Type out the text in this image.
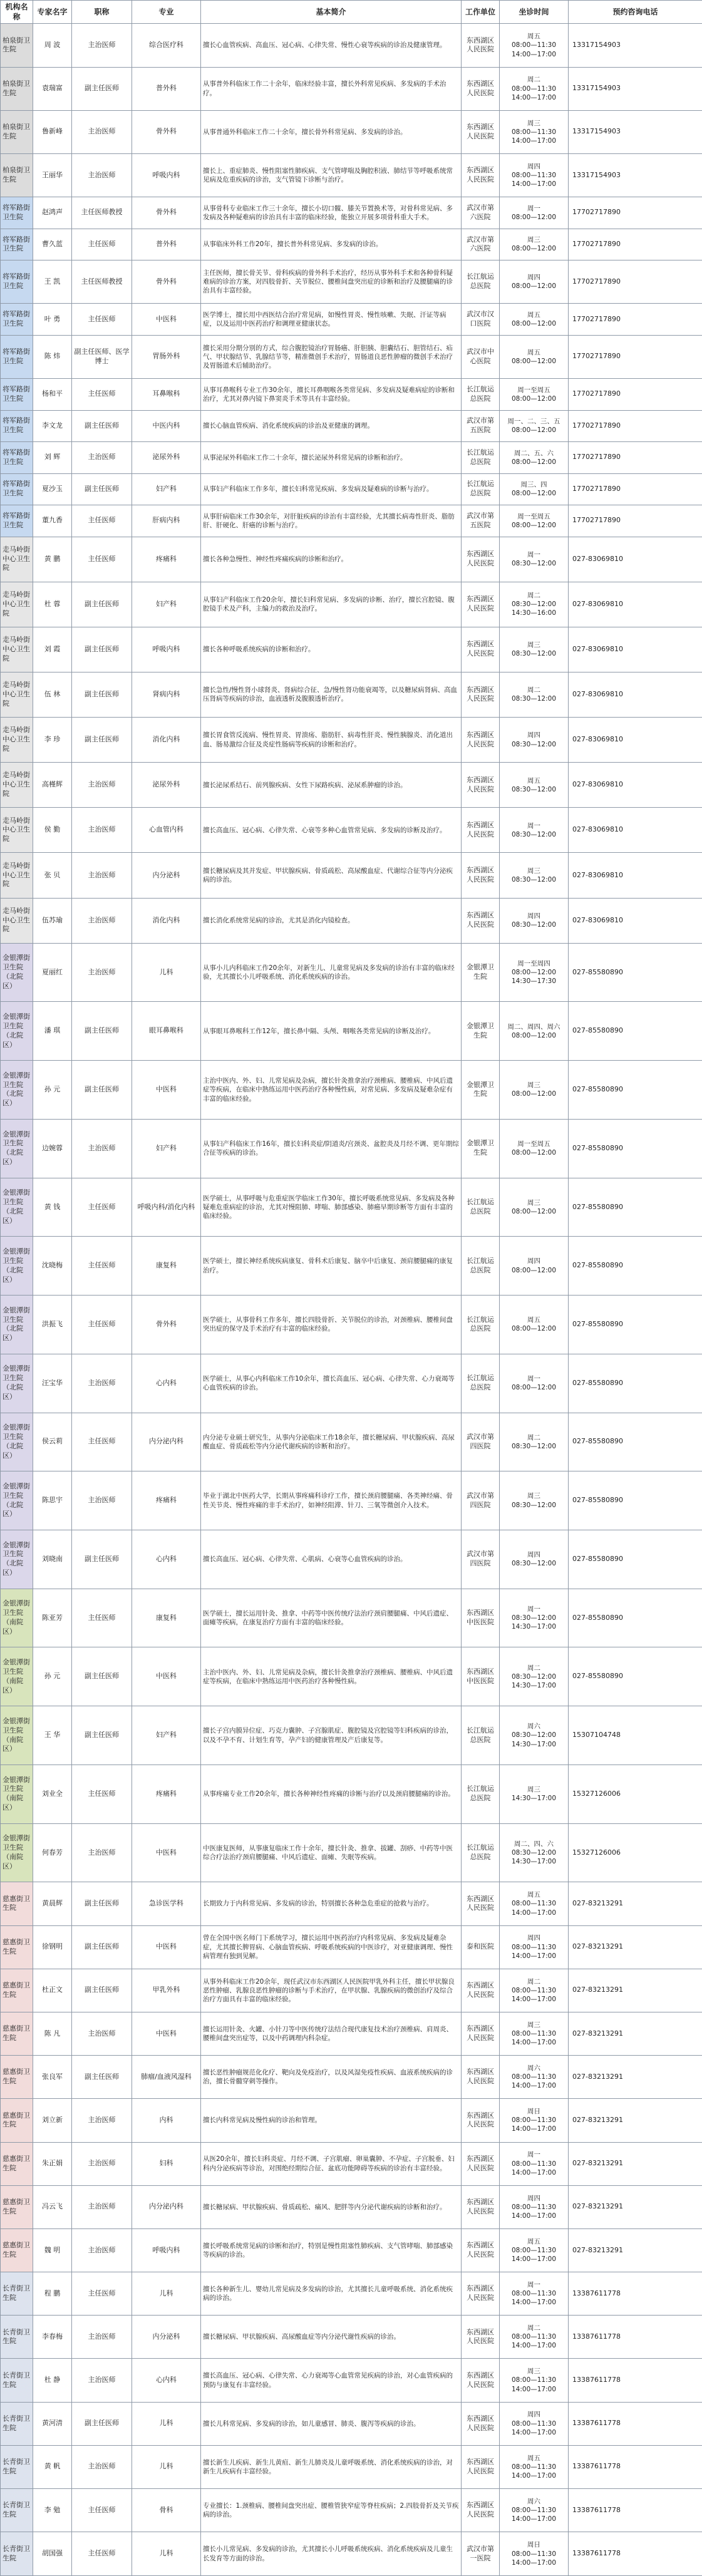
机构名称	专家名字	职称	专业	基本简介	工作单位	坐诊时间	预约咨询电话
柏泉街卫生院	周 波	主治医师	综合医疗科	擅长心血管疾病、高血压、冠心病、心律失常、慢性心衰等疾病的诊治及健康管理。	东西湖区人民医院	周五
08:00—11:30
14:00—17:00	13317154903
柏泉街卫生院	袁瑞富	副主任医师	普外科	从事普外科临床工作二十余年，临床经验丰富，擅长外科常见疾病、多发病的手术治疗。	东西湖区人民医院	周二
08:00—11:30
14:00—17:00	13317154903
柏泉街卫生院	鲁新峰	主治医师	骨外科	从事普通外科临床工作二十余年，擅长骨外科常见病、多发病的诊治。	东西湖区人民医院	周三
08:00—11:30
14:00—17:00	13317154903
柏泉街卫生院	王丽华	主治医师	呼吸内科	擅长上、重症肺炎、慢性阻塞性肺疾病、支气管哮喘及胸腔积液、肺结节等呼吸系统常见病及危重疾病的诊治，支气管镜下诊断与治疗。	东西湖区人民医院	周四
08:00—11:30
14:00—17:00	13317154903
将军路街卫生院	赵鸿声	主任医师教授	骨外科	从事骨科专业临床工作三十余年，擅长小切口髋、膝关节置换术等，对骨科常见病、多发病及各种疑难病的诊治具有丰富的临床经验，能独立开展多项骨科重大手术。	武汉市第六医院	周一
08:00—12:00	17702717890
将军路街卫生院	曹久蓝	主任医师	普外科	从事临床外科工作20年，擅长普外科常见病、多发病的诊治。	武汉市第六医院	周三
08:00—12:00	17702717890
将军路街卫生院	王 凯	主任医师教授	骨外科	主任医师，擅长骨关节、骨科疾病的骨外科手术治疗，经历从事外科手术和各种骨科疑难病的诊治方案，对四肢骨折、关节脱位、腰椎间盘突出症的诊断和治疗及腰腿痛的诊治具有丰富经验。	长江航运总医院	周四
08:00—12:00	17702717890
将军路街卫生院	叶 勇	主任医师	中医科	医学博士，擅长用中西医结合治疗常见病，如慢性胃炎、慢性咳嗽、失眠、汗证等病症，以及运用中医药治疗和调理亚健康状态。	武汉市汉口医院	周五
08:00—12:00	17702717890
将军路街卫生院	陈 炜	副主任医师、医学博士	胃肠外科	擅长采用分期分别的方式，综合腹腔镜治疗胃肠癌、肝胆胰、胆囊结石、胆管结石、疝气、甲状腺结节、乳腺结节等，精准微创手术治疗，胃肠道良恶性肿瘤的微创手术治疗及胃肠道术后辅助治疗。	武汉市中心医院	周五
08:00—12:00	17702717890
将军路街卫生院	杨和平	主任医师	耳鼻喉科	从事耳鼻喉科专业工作30余年，擅长耳鼻咽喉各类常见病、多发病及疑难病症的诊断和治疗，尤其对鼻内镜下鼻窦炎手术等具有丰富经验。	长江航运总医院	周一至周五
08:00—12:00	17702717890
将军路街卫生院	李文龙	副主任医师	中医内科	擅长心脑血管疾病、消化系统疾病的诊治及亚健康的调理。	武汉市第五医院	周一、二、三、五
08:00—12:00	17702717890
将军路街卫生院	刘 辉	主治医师	泌尿外科	从事泌尿外科临床工作二十余年，擅长泌尿外科常见病的诊断和治疗。	长江航运总医院	周二、五、六
08:00—12:00	17702717890
将军路街卫生院	夏沙玉	副主任医师	妇产科	从事妇产科临床工作多年，擅长妇科常见疾病、多发病及疑难病的诊断与治疗。	长江航运总医院	周三、四
08:00—12:00	17702717890
将军路街卫生院	董九香	主任医师	肝病内科	从事肝病临床工作30余年，对肝脏疾病的诊治有丰富经验，尤其擅长病毒性肝炎、脂肪肝、肝硬化、肝癌的诊断与治疗。	武汉市第五医院	周一至周五
08:00—12:00	17702717890
走马岭街中心卫生院	黄 鹏	主任医师	疼痛科	擅长各种急慢性、神经性疼痛疾病的诊断和治疗。	东西湖区人民医院	周一
08:30—12:00	027-83069810
走马岭街中心卫生院	杜 蓉	副主任医师	妇产科	从事妇产科临床工作20余年，擅长妇科常见病、多发病的诊断、治疗，擅长宫腔镜、腹腔镜手术及产科，主编力的救治及治疗。	东西湖区人民医院	周二
08:30—12:00
14:30—16:00	027-83069810
走马岭街中心卫生院	刘 霞	副主任医师	呼吸内科	擅长各种呼吸系统疾病的诊断和治疗。	东西湖区人民医院	周三
08:30—12:00	027-83069810
走马岭街中心卫生院	伍 林	副主任医师	肾病内科	擅长急性/慢性肾小球肾炎、肾病综合征、急/慢性肾功能衰竭等，以及糖尿病肾病、高血压肾病等疾病的诊治，血液透析及腹膜透析治疗。	东西湖区人民医院	周二
08:30—12:00	027-83069810
走马岭街中心卫生院	李 珍	副主任医师	消化内科	擅长胃食管反流病、慢性胃炎、胃溃疡、脂肪肝、病毒性肝炎、慢性胰腺炎、消化道出血、肠易激综合征及炎症性肠病等疾病的诊断和治疗。	东西湖区人民医院	周四
08:30—12:00	027-83069810
走马岭街中心卫生院	高槿辉	主治医师	泌尿外科	擅长泌尿系结石、前列腺疾病、女性下尿路疾病、泌尿系肿瘤的诊治。	东西湖区人民医院	周五
08:30—12:00	027-83069810
走马岭街中心卫生院	侯 勤	主治医师	心血管内科	擅长高血压、冠心病、心律失常、心衰等多种心血管常见病、多发病的诊断及治疗。	东西湖区人民医院	周一
08:30—12:00	027-83069810
走马岭街中心卫生院	张 贝	主治医师	内分泌科	擅长糖尿病及其并发症、甲状腺疾病、骨质疏松、高尿酸血症、代谢综合征等内分泌疾病的诊治。	东西湖区人民医院	周三
08:30—12:00	027-83069810
走马岭街中心卫生院	伍苏瑜	主治医师	消化内科	擅长消化系统常见病的诊治，尤其是消化内镜检查。	东西湖区人民医院	周四
08:30—12:00	027-83069810
金银潭街卫生院（北院区）	夏丽红	主治医师	儿科	从事小儿内科临床工作20余年，对新生儿、儿童常见病及多发病的诊治有丰富的临床经验，尤其擅长小儿呼吸系统、消化系统疾病的诊治。	金银潭卫生院	周一至周四
08:00—12:00
14:30—17:30	027-85580890
金银潭街卫生院（北院区）	潘 琪	副主任医师	眼耳鼻喉科	从事眼耳鼻喉科工作12年，擅长鼻中隔、头颅、咽喉各类常见病的诊断及治疗。	金银潭卫生院	周二、周四、周六
08:00—12:00	027-85580890
金银潭街卫生院（北院区）	孙 元	副主任医师	中医科	主治中医内、外、妇、儿常见病及杂病，擅长针灸推拿治疗颈椎病、腰椎病、中风后遗症等疾病，在临床中熟练运用中医药治疗各种慢性病，对常见病、多发病及疑难杂症有丰富的临床经验。	金银潭卫生院	周三
08:00—12:00	027-85580890
金银潭街卫生院（北院区）	边婉蓉	主治医师	妇产科	从事妇产科临床工作16年，擅长妇科炎症/阴道炎/宫颈炎、盆腔炎及月经不调、更年期综合征等疾病的诊治。	金银潭卫生院	周一至周五
08:00—12:00	027-85580890
金银潭街卫生院（北院区）	黄 钱	主任医师	呼吸内科/消化内科	医学硕士，从事呼吸与危重症医学临床工作30年，擅长呼吸系统常见病、多发病及各种疑难危重病症的诊治，尤其对慢阻肺、哮喘、肺部感染、肺癌早期诊断等方面有丰富的临床经验。	长江航运总医院	周三
08:00—12:00	027-85580890
金银潭街卫生院（北院区）	沈晓梅	主任医师	康复科	医学硕士，擅长神经系统疾病康复、骨科术后康复、脑卒中后康复、颈肩腰腿痛的康复治疗。	长江航运总医院	周四
08:00—12:00	027-85580890
金银潭街卫生院（北院区）	洪振飞	主任医师	骨外科	医学硕士，从事骨科工作多年，擅长四肢骨折、关节脱位的诊治，对颈椎病、腰椎间盘突出症的保守及手术治疗有丰富的临床经验。	长江航运总医院	周五
08:00—12:00	027-85580890
金银潭街卫生院（北院区）	汪宝华	主治医师	心内科	医学硕士，从事心内科临床工作10余年，擅长高血压、冠心病、心律失常、心力衰竭等心血管疾病的诊治。	长江航运总医院	周一
08:00—12:00	027-85580890
金银潭街卫生院（北院区）	侯云莉	主任医师	内分泌内科	内分泌专业硕士研究生，从事内分泌临床工作18余年，擅长糖尿病、甲状腺疾病、高尿酸血症、骨质疏松等内分泌代谢疾病的诊断和治疗。	武汉市第四医院	周二
08:30—12:00	027-85580890
金银潭街卫生院（北院区）	陈思宇	主治医师	疼痛科	毕业于湖北中医药大学，长期从事疼痛科诊疗工作，擅长颈肩腰腿痛、各类神经痛、骨性关节炎、慢性疼痛的非手术治疗，如神经阻滞、针刀、三氧等微创介入技术。	武汉市第四医院	周三
08:30—12:00	027-85580890
金银潭街卫生院（北院区）	刘晓南	副主任医师	心内科	擅长高血压、冠心病、心律失常、心肌病、心衰等心血管疾病的诊治。	武汉市第四医院	周四
08:30—12:00	027-85580890
金银潭街卫生院（南院区）	陈亚芳	主任医师	康复科	医学硕士，擅长运用针灸、推拿、中药等中医传统疗法治疗颈肩腰腿痛、中风后遗症、面瘫等疾病，在康复治疗方面有丰富的临床经验。	东西湖区中医医院	周一
08:30—12:00
14:30—17:00	027-85580890
金银潭街卫生院（南院区）	孙 元	副主任医师	中医科	主治中医内、外、妇、儿常见病及杂病，擅长针灸推拿治疗颈椎病、腰椎病、中风后遗症等疾病，在临床中熟练运用中医药治疗各种慢性病。	东西湖区中医医院	周二
08:30—12:00
14:30—17:00	027-85580890
金银潭街卫生院（南院区）	王 华	副主任医师	妇产科	擅长子宫内膜异位症、巧克力囊肿、子宫腺肌症、腹腔镜及宫腔镜等妇科疾病的诊治，以及不孕不育、计划生育等，孕产妇的健康管理及产后康复等。	长江航运总医院	周六
08:30—12:00
14:30—17:00	15307104748
金银潭街卫生院（南院区）	刘业全	主任医师	疼痛科	从事疼痛专业工作20余年，擅长各种神经性疼痛的诊断与治疗以及颈肩腰腿痛的诊治。	长江航运总医院	周三
14:30—17:00	15327126006
金银潭街卫生院（南院区）	何春芳	主治医师	中医科	中医康复医师，从事康复临床工作十余年，擅长针灸、推拿、拔罐、刮痧、中药等中医综合疗法治疗颈肩腰腿痛、中风后遗症、面瘫、失眠等疾病。	长江航运总医院	周二、四、六
08:30—12:00
14:30—17:00	15327126006
慈惠街卫生院	黄晨辉	副主任医师	急诊医学科	长期致力于内科常见病、多发病的诊治，特别擅长各种急危重症的抢救与治疗。	东西湖区人民医院	周五
08:00—11:30
14:00—17:00	027-83213291
慈惠街卫生院	徐钢明	副主任医师	中医科	曾在全国中医名师门下系统学习，擅长运用中医药治疗内科常见病、多发病及疑难杂症，尤其擅长脾胃病、心脑血管疾病、呼吸系统疾病的中医诊疗，对亚健康调理、慢性病管理有独到见解。	泰和医院	周四
08:00—11:30
14:00—17:00	027-83213291
慈惠街卫生院	杜正文	副主任医师	甲乳外科	从事外科临床工作20余年，现任武汉市东西湖区人民医院甲乳外科主任，擅长甲状腺良恶性肿瘤、乳腺良恶性肿瘤的诊断与手术治疗，在甲状腺、乳腺疾病的微创治疗及综合治疗方面具有丰富的临床经验。	东西湖区人民医院	周二
08:00—11:30
14:00—17:00	027-83213291
慈惠街卫生院	陈 凡	主治医师	中医科	擅长运用针灸、火罐、小针刀等中医传统疗法结合现代康复技术治疗颈椎病、肩周炎、腰椎间盘突出症等，以及中药调理内科杂症。	东西湖区人民医院	周三
08:00—11:30
14:00—17:00	027-83213291
慈惠街卫生院	张良军	副主任医师	肺瘤/血液风湿科	擅长恶性肿瘤规范化化疗、靶向及免疫治疗，以及风湿免疫性疾病、血液系统疾病的诊治，擅长骨髓穿刺等操作。	东西湖区人民医院	周六
08:00—11:30
14:00—17:00	027-83213291
慈惠街卫生院	刘立新	主治医师	内科	擅长内科常见病及慢性病的诊治和管理。	东西湖区人民医院	周日
08:00—11:30
14:00—17:00	027-83213291
慈惠街卫生院	朱正娟	主治医师	妇科	从医20余年，擅长妇科炎症、月经不调、子宫肌瘤、卵巢囊肿、不孕症、子宫脱垂、妇科内分泌疾病等诊治，对围绝经期综合征、盆底功能障碍等疾病的诊治有丰富经验。	东西湖区人民医院	周一
08:00—11:30
14:00—17:00	027-83213291
慈惠街卫生院	冯云飞	主治医师	内分泌内科	擅长糖尿病、甲状腺疾病、骨质疏松、痛风、肥胖等内分泌代谢疾病的诊断和治疗。	东西湖区人民医院	周四
08:00—11:30
14:00—17:00	027-83213291
慈惠街卫生院	魏 明	主治医师	呼吸内科	擅长呼吸系统常见病的诊断和治疗，特别是慢性阻塞性肺疾病、支气管哮喘、肺部感染等疾病的诊治。	东西湖区人民医院	周五
08:00—11:30
14:00—17:00	027-83213291
长青街卫生院	程 鹏	主任医师	儿科	擅长各种新生儿、婴幼儿常见病及多发病的诊治，尤其擅长儿童呼吸系统、消化系统疾病的诊治。	东西湖区人民医院	周一
08:00—11:30
14:00—17:00	13387611778
长青街卫生院	李春梅	主治医师	内分泌科	擅长糖尿病、甲状腺疾病、高尿酸血症等内分泌代谢性疾病的诊治。	东西湖区人民医院	周二
08:00—11:30
14:00—17:00	13387611778
长青街卫生院	杜 静	主治医师	心内科	擅长高血压、冠心病、心律失常、心力衰竭等心血管常见疾病的诊治，对心血管疾病的预防与康复有丰富经验。	东西湖区人民医院	周三
08:00—11:30
14:00—17:00	13387611778
长青街卫生院	黄河清	副主任医师	儿科	擅长儿科常见病、多发病的诊治，如儿童感冒、肺炎、腹泻等疾病的诊治。	东西湖区人民医院	周四
08:00—11:30
14:00—17:00	13387611778
长青街卫生院	黄 帆	主治医师	儿科	擅长新生儿疾病、新生儿黄疸、新生儿肺炎及儿童呼吸系统、消化系统疾病的诊治，对新生儿疾病有丰富经验。	东西湖区人民医院	周五
08:00—11:30
14:00—17:00	13387611778
长青街卫生院	李 勉	主任医师	骨科	专业擅长：1.颈椎病、腰椎间盘突出症、腰椎管狭窄症等脊柱疾病；2.四肢骨折及关节疾病的诊治。	东西湖区人民医院	周六
08:00—11:30
14:00—17:00	13387611778
长青街卫生院	胡国强	主任医师	儿科	擅长小儿常见病、多发病的诊治，尤其擅长小儿呼吸系统疾病、消化系统疾病及儿童生长发育等方面的诊治。	武汉市第一医院	周日
08:00—11:30
14:00—17:00	13387611778
